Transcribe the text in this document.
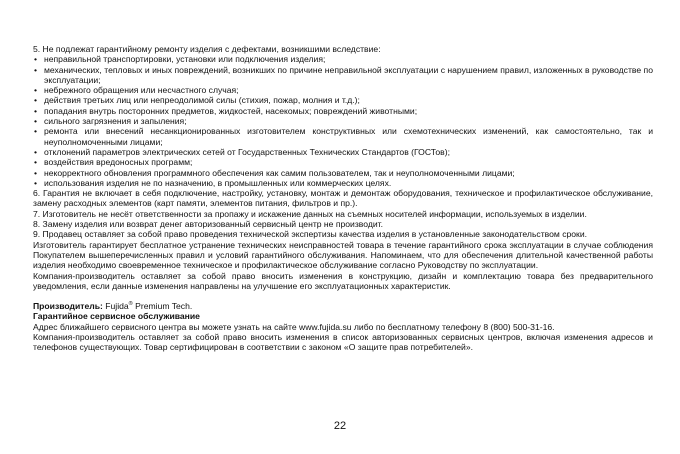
5. Не подлежат гарантийному ремонту изделия с дефектами, возникшими вследствие:

• неправильной транспортировки, установки или подключения изделия;
• механических, тепловых и иных повреждений, возникших по причине неправильной эксплуатации с нарушением правил, изложенных в руководстве по эксплуатации;
• небрежного обращения или несчастного случая;
• действия третьих лиц или непреодолимой силы (стихия, пожар, молния и т.д.);
• попадания внутрь посторонних предметов, жидкостей, насекомых; повреждений животными;
• сильного загрязнения и запыления;
• ремонта или внесений несанкционированных изготовителем конструктивных или схемотехнических изменений, как самостоятельно, так и неуполномоченными лицами;
• отклонений параметров электрических сетей от Государственных Технических Стандартов (ГОСТов);
• воздействия вредоносных программ;
• некорректного обновления программного обеспечения как самим пользователем, так и неуполномоченными лицами;
• использования изделия не по назначению, в промышленных или коммерческих целях.

6. Гарантия не включает в себя подключение, настройку, установку, монтаж и демонтаж оборудования, техническое и профилактическое обслуживание, замену расходных элементов (карт памяти, элементов питания, фильтров и пр.).

7. Изготовитель не несёт ответственности за пропажу и искажение данных на съемных носителей информации, используемых в изделии.

8. Замену изделия или возврат денег авторизованный сервисный центр не производит.

9. Продавец оставляет за собой право проведения технической экспертизы качества изделия в установленные законодательством сроки.

Изготовитель гарантирует бесплатное устранение технических неисправностей товара в течение гарантийного срока эксплуатации в случае соблюдения Покупателем вышеперечисленных правил и условий гарантийного обслуживания. Напоминаем, что для обеспечения длительной качественной работы изделия необходимо своевременное техническое и профилактическое обслуживание согласно Руководству по эксплуатации.

Компания-производитель оставляет за собой право вносить изменения в конструкцию, дизайн и комплектацию товара без предварительного уведомления, если данные изменения направлены на улучшение его эксплуатационных характеристик.

Производитель: Fujida® Premium Tech.

Гарантийное сервисное обслуживание

Адрес ближайшего сервисного центра вы можете узнать на сайте www.fujida.su либо по бесплатному телефону 8 (800) 500-31-16.

Компания-производитель оставляет за собой право вносить изменения в список авторизованных сервисных центров, включая изменения адресов и телефонов существующих. Товар сертифицирован в соответствии с законом «О защите прав потребителей».

22
